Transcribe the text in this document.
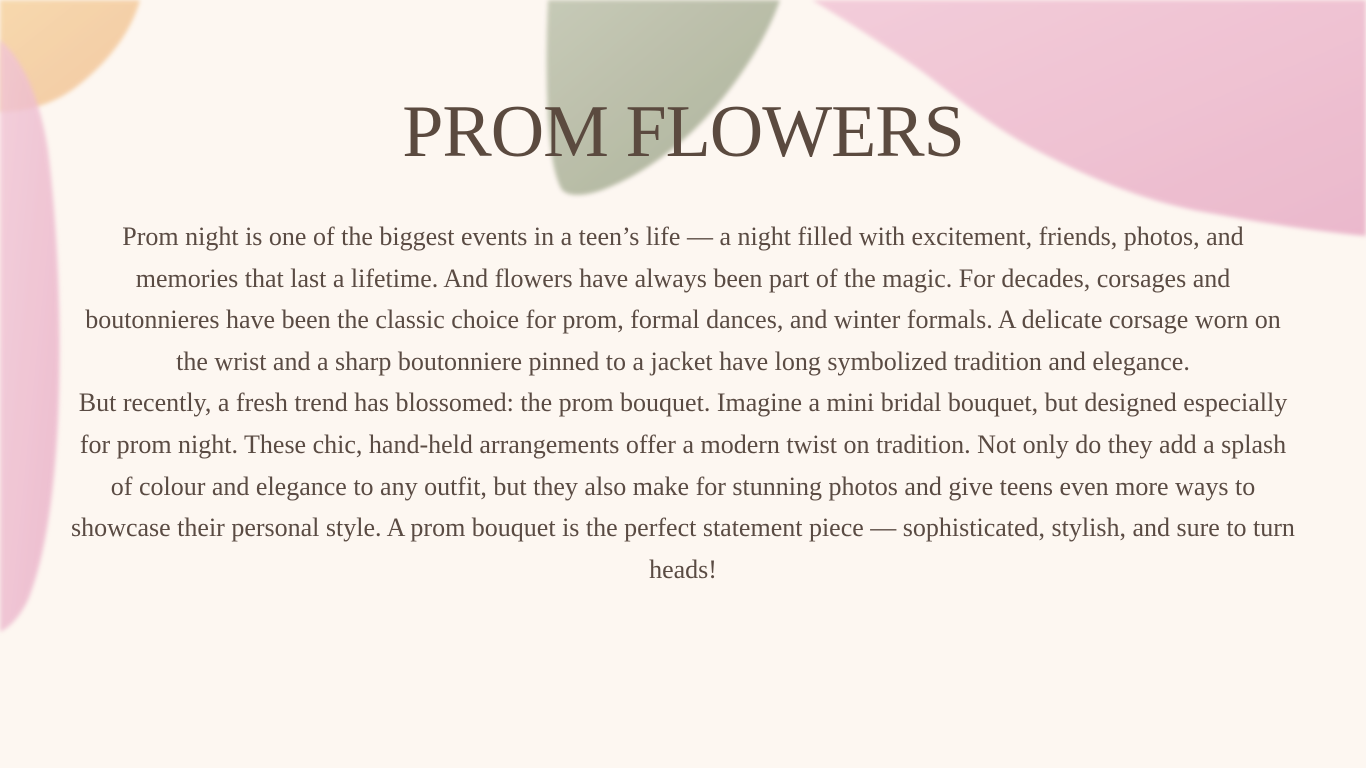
PROM FLOWERS

Prom night is one of the biggest events in a teen’s life — a night filled with excitement, friends, photos, and memories that last a lifetime. And flowers have always been part of the magic. For decades, corsages and boutonnieres have been the classic choice for prom, formal dances, and winter formals. A delicate corsage worn on the wrist and a sharp boutonniere pinned to a jacket have long symbolized tradition and elegance.

But recently, a fresh trend has blossomed: the prom bouquet. Imagine a mini bridal bouquet, but designed especially for prom night. These chic, hand-held arrangements offer a modern twist on tradition. Not only do they add a splash of colour and elegance to any outfit, but they also make for stunning photos and give teens even more ways to showcase their personal style. A prom bouquet is the perfect statement piece — sophisticated, stylish, and sure to turn heads!
